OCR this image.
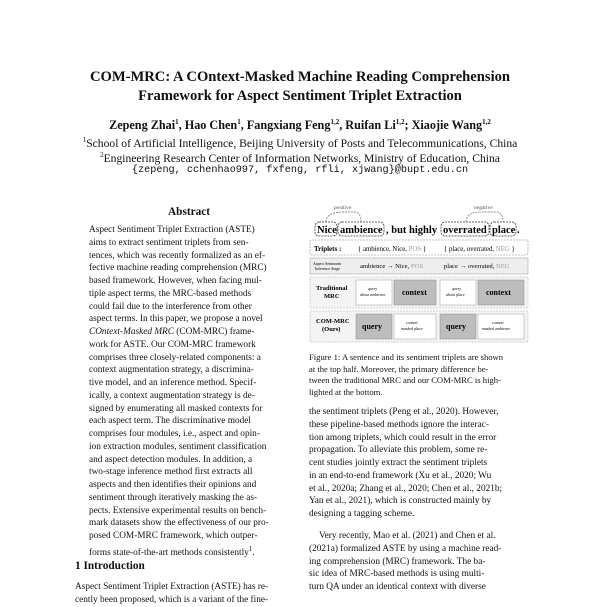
COM-MRC: A COntext-Masked Machine Reading Comprehension
Framework for Aspect Sentiment Triplet Extraction
Zepeng Zhai$^1$, Hao Chen$^1$, Fangxiang Feng$^{1,2}$, Ruifan Li$^{1,2}$; Xiaojie Wang$^{1,2}$
$^1$School of Artificial Intelligence, Beijing University of Posts and Telecommunications, China
$^2$Engineering Research Center of Information Networks, Ministry of Education, China
{zepeng, cchenhao997, fxfeng, rfli, xjwang}@bupt.edu.cn
Abstract
Aspect Sentiment Triplet Extraction (ASTE)
aims to extract sentiment triplets from sen-
tences, which was recently formalized as an ef-
fective machine reading comprehension (MRC)
based framework. However, when facing mul-
tiple aspect terms, the MRC-based methods
could fail due to the interference from other
aspect terms. In this paper, we propose a novel
COntext-Masked MRC (COM-MRC) frame-
work for ASTE. Our COM-MRC framework
comprises three closely-related components: a
context augmentation strategy, a discrimina-
tive model, and an inference method. Specif-
ically, a context augmentation strategy is de-
signed by enumerating all masked contexts for
each aspect term. The discriminative model
comprises four modules, i.e., aspect and opin-
ion extraction modules, sentiment classification
and aspect detection modules. In addition, a
two-stage inference method first extracts all
aspects and then identifies their opinions and
sentiment through iteratively masking the as-
pects. Extensive experimental results on bench-
mark datasets show the effectiveness of our pro-
posed COM-MRC framework, which outper-
forms state-of-the-art methods consistently$^1$.
1 Introduction
Aspect Sentiment Triplet Extraction (ASTE) has re-
cently been proposed, which is a variant of the fine-
Nice ambience , but highly overrated place .
positive	negative
Triplets : { ambience, Nice, POS }	{ place, overrated, NEG }
Aspect Sentiment
Inference Stage	ambience → Nice, POS	place → overrated, NEG
Traditional
MRC
query
about ambience context	query
about place	context
COM-MRC
(Ours)	query	context
masked place	query	context
masked ambience
Figure 1: A sentence and its sentiment triplets are shown
at the top half. Moreover, the primary difference be-
tween the traditional MRC and our COM-MRC is high-
lighted at the bottom.
the sentiment triplets (Peng et al., 2020). However,
these pipeline-based methods ignore the interac-
tion among triplets, which could result in the error
propagation. To alleviate this problem, some re-
cent studies jointly extract the sentiment triplets
in an end-to-end framework (Xu et al., 2020; Wu
et al., 2020a; Zhang et al., 2020; Chen et al., 2021b;
Yan et al., 2021), which is constructed mainly by
designing a tagging scheme.
Very recently, Mao et al. (2021) and Chen et al.
(2021a) formalized ASTE by using a machine read-
ing comprehension (MRC) framework. The ba-
sic idea of MRC-based methods is using multi-
turn QA under an identical context with diverse
